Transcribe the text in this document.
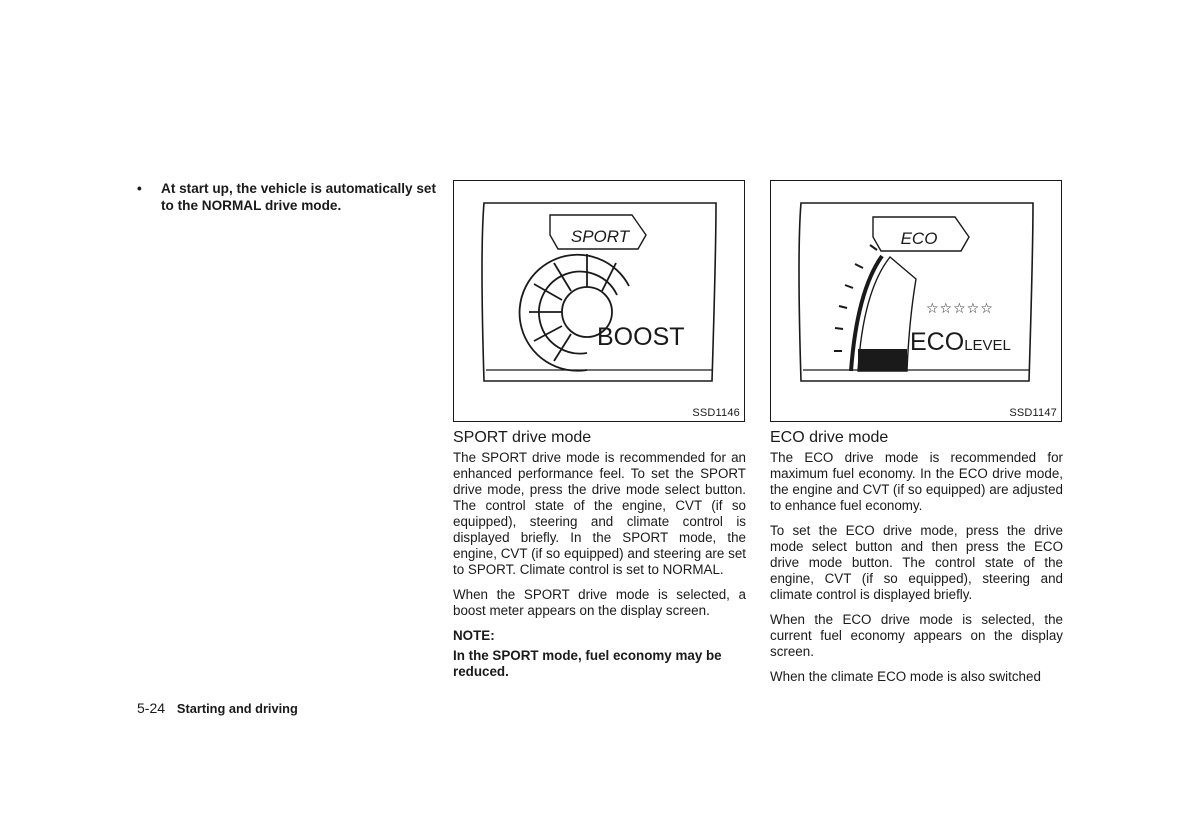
• At start up, the vehicle is automatically set to the NORMAL drive mode.
SPORT
BOOST
SSD1146
ECO
☆☆☆☆☆
ECOLEVEL
SSD1147
SPORT drive mode

The SPORT drive mode is recommended for an enhanced performance feel. To set the SPORT drive mode, press the drive mode select button. The control state of the engine, CVT (if so equipped), steering and climate control is displayed briefly. In the SPORT mode, the engine, CVT (if so equipped) and steering are set to SPORT. Climate control is set to NORMAL.

When the SPORT drive mode is selected, a boost meter appears on the display screen.

NOTE:
In the SPORT mode, fuel economy may be reduced.
ECO drive mode

The ECO drive mode is recommended for maximum fuel economy. In the ECO drive mode, the engine and CVT (if so equipped) are adjusted to enhance fuel economy.

To set the ECO drive mode, press the drive mode select button and then press the ECO drive mode button. The control state of the engine, CVT (if so equipped), steering and climate control is displayed briefly.

When the ECO drive mode is selected, the current fuel economy appears on the display screen.

When the climate ECO mode is also switched

5-24 Starting and driving
